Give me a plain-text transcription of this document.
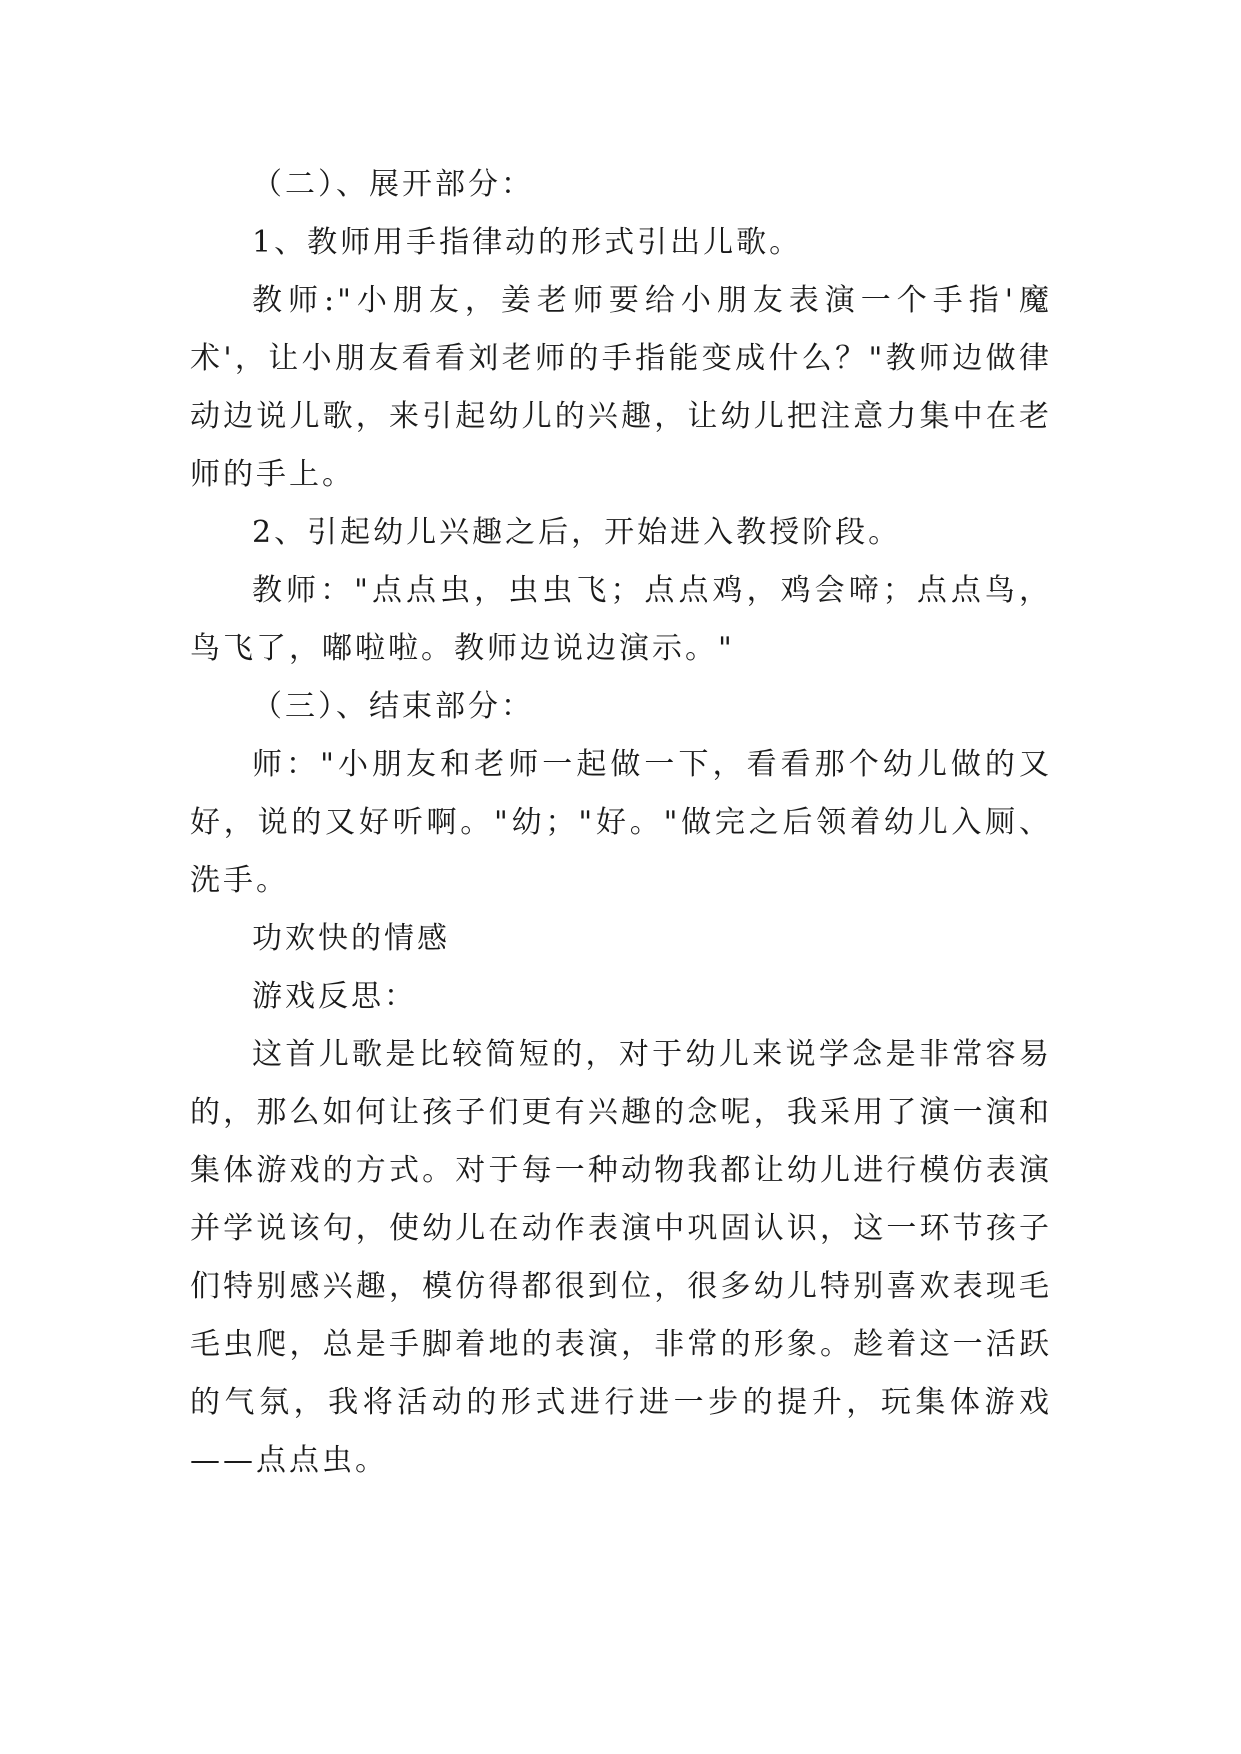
（二）、展开部分：

1、教师用手指律动的形式引出儿歌。

教师:"小朋友，姜老师要给小朋友表演一个手指'魔术'，让小朋友看看刘老师的手指能变成什么？"教师边做律动边说儿歌，来引起幼儿的兴趣，让幼儿把注意力集中在老师的手上。

2、引起幼儿兴趣之后，开始进入教授阶段。

教师："点点虫，虫虫飞；点点鸡，鸡会啼；点点鸟，鸟飞了，嘟啦啦。教师边说边演示。"

（三）、结束部分：

师："小朋友和老师一起做一下，看看那个幼儿做的又好，说的又好听啊。"幼；"好。"做完之后领着幼儿入厕、洗手。

功欢快的情感

游戏反思：

这首儿歌是比较简短的，对于幼儿来说学念是非常容易的，那么如何让孩子们更有兴趣的念呢，我采用了演一演和集体游戏的方式。对于每一种动物我都让幼儿进行模仿表演并学说该句，使幼儿在动作表演中巩固认识，这一环节孩子们特别感兴趣，模仿得都很到位，很多幼儿特别喜欢表现毛毛虫爬，总是手脚着地的表演，非常的形象。趁着这一活跃的气氛，我将活动的形式进行进一步的提升，玩集体游戏——点点虫。
